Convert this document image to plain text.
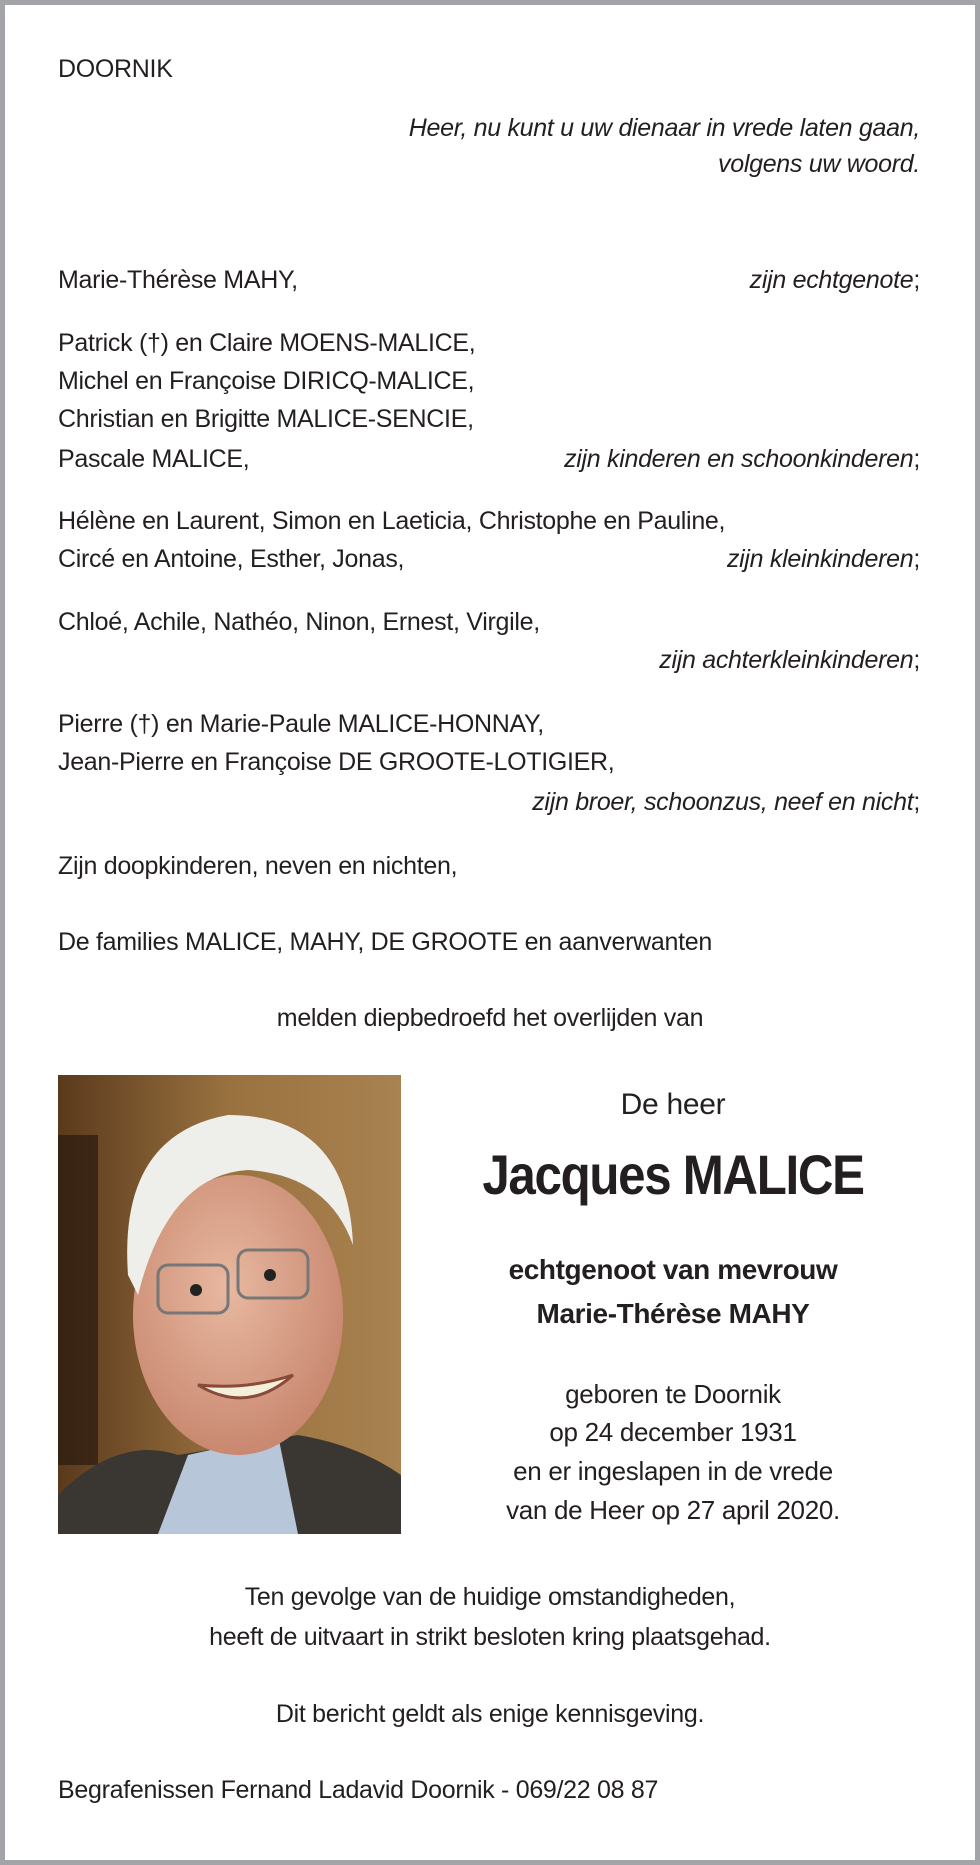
DOORNIK
Heer, nu kunt u uw dienaar in vrede laten gaan,
volgens uw woord.
Marie-Thérèse MAHY,	zijn echtgenote;
Patrick (†) en Claire MOENS-MALICE,
Michel en Françoise DIRICQ-MALICE,
Christian en Brigitte MALICE-SENCIE,
Pascale MALICE,	zijn kinderen en schoonkinderen;
Hélène en Laurent, Simon en Laeticia, Christophe en Pauline,
Circé en Antoine, Esther, Jonas,	zijn kleinkinderen;
Chloé, Achile, Nathéo, Ninon, Ernest, Virgile,
zijn achterkleinkinderen;
Pierre (†) en Marie-Paule MALICE-HONNAY,
Jean-Pierre en Françoise DE GROOTE-LOTIGIER,
zijn broer, schoonzus, neef en nicht;
Zijn doopkinderen, neven en nichten,
De families MALICE, MAHY, DE GROOTE en aanverwanten
melden diepbedroefd het overlijden van
De heer
Jacques MALICE
echtgenoot van mevrouw
Marie-Thérèse MAHY
geboren te Doornik
op 24 december 1931
en er ingeslapen in de vrede
van de Heer op 27 april 2020.
Ten gevolge van de huidige omstandigheden,
heeft de uitvaart in strikt besloten kring plaatsgehad.
Dit bericht geldt als enige kennisgeving.
Begrafenissen Fernand Ladavid Doornik - 069/22 08 87
